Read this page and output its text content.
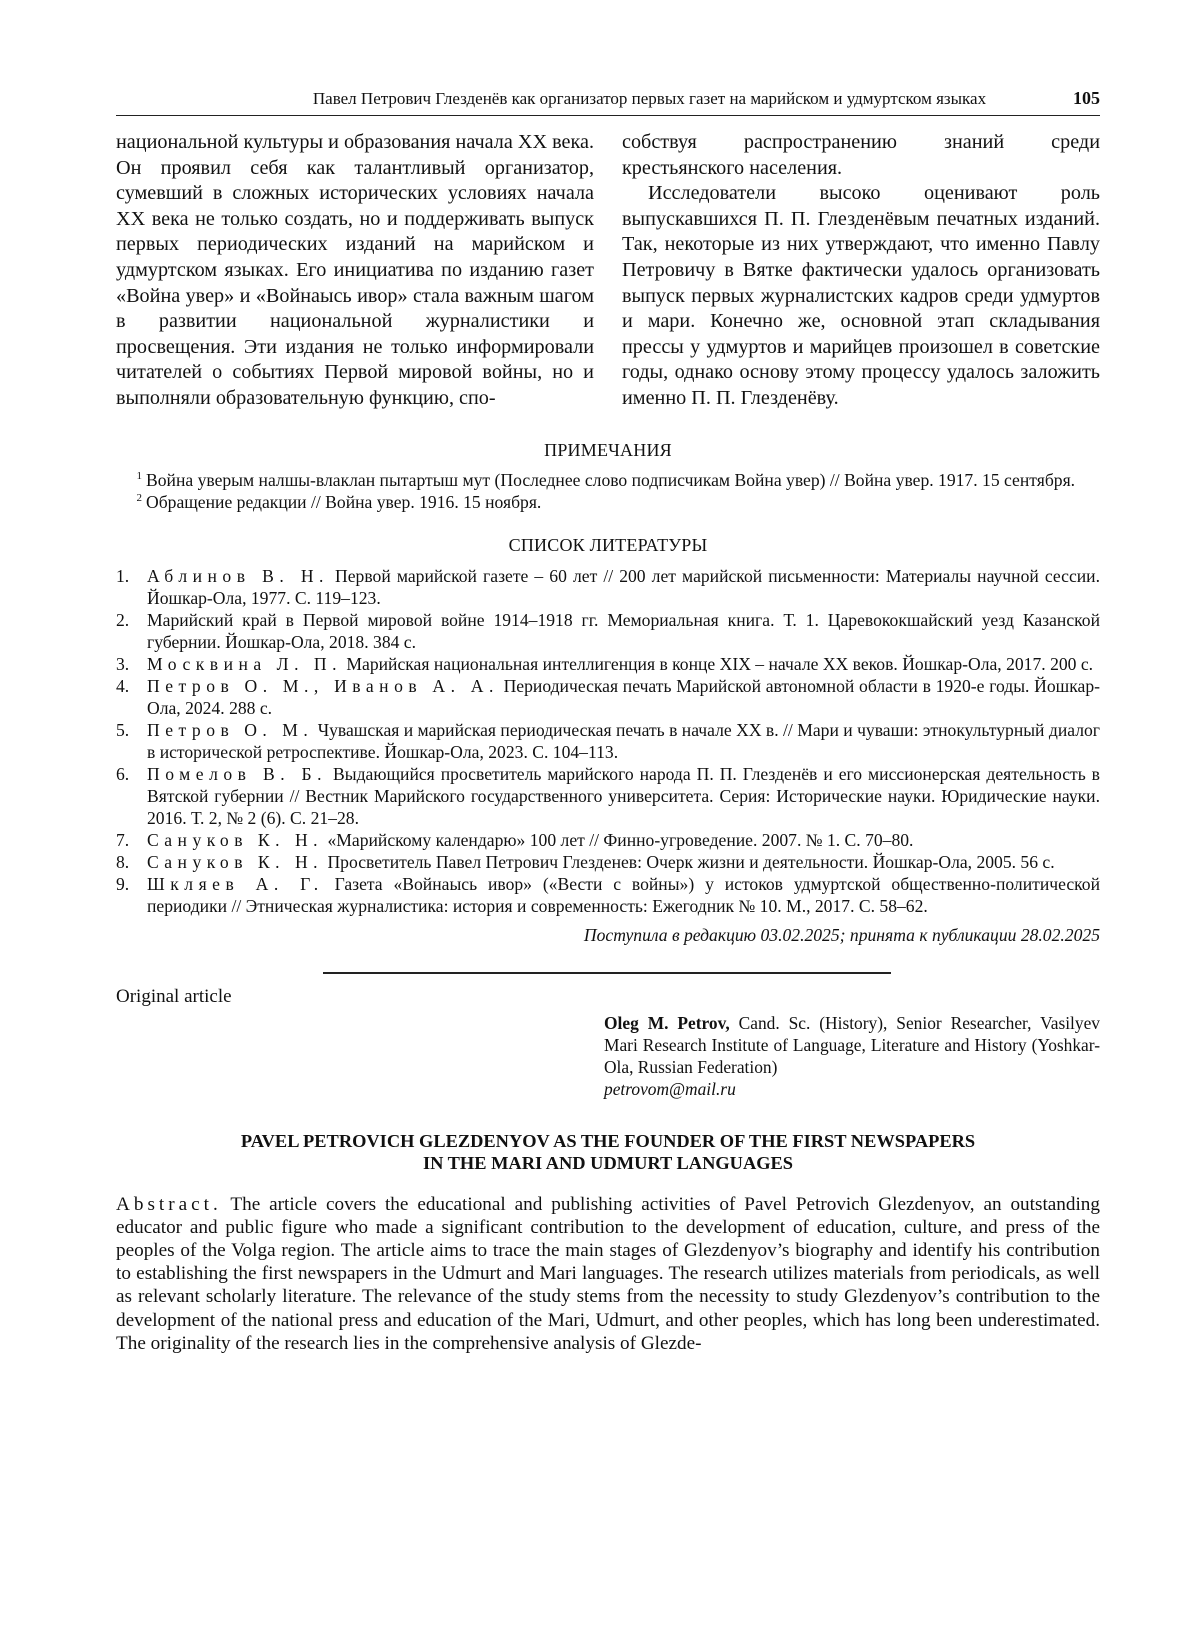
Павел Петрович Глезденёв как организатор первых газет на марийском и удмуртском языках	105

национальной культуры и образования начала XX века. Он проявил себя как талантливый организатор, сумевший в сложных исторических условиях начала XX века не только создать, но и поддерживать выпуск первых периодических изданий на марийском и удмуртском языках. Его инициатива по изданию газет «Война увер» и «Войнаысь ивор» стала важным шагом в развитии национальной журналистики и просвещения. Эти издания не только информировали читателей о событиях Первой мировой войны, но и выполняли образовательную функцию, спо-

собствуя распространению знаний среди крестьянского населения.

Исследователи высоко оценивают роль выпускавшихся П. П. Глезденёвым печатных изданий. Так, некоторые из них утверждают, что именно Павлу Петровичу в Вятке фактически удалось организовать выпуск первых журналистских кадров среди удмуртов и мари. Конечно же, основной этап складывания прессы у удмуртов и марийцев произошел в советские годы, однако основу этому процессу удалось заложить именно П. П. Глезденёву.

ПРИМЕЧАНИЯ
1 Война уверым налшы-влаклан пытартыш мут (Последнее слово подписчикам Война увер) // Война увер. 1917. 15 сентября.
2 Обращение редакции // Война увер. 1916. 15 ноября.
СПИСОК ЛИТЕРАТУРЫ
1.	Аблинов В. Н. Первой марийской газете – 60 лет // 200 лет марийской письменности: Материалы научной сессии. Йошкар-Ола, 1977. С. 119–123.
2.	Марийский край в Первой мировой войне 1914–1918 гг. Мемориальная книга. Т. 1. Царевококшайский уезд Казанской губернии. Йошкар-Ола, 2018. 384 с.
3.	Москвина Л. П. Марийская национальная интеллигенция в конце XIX – начале XX веков. Йошкар-Ола, 2017. 200 с.
4.	Петров О. М., Иванов А. А. Периодическая печать Марийской автономной области в 1920-е годы. Йошкар-Ола, 2024. 288 с.
5.	Петров О. М. Чувашская и марийская периодическая печать в начале XX в. // Мари и чуваши: этнокультурный диалог в исторической ретроспективе. Йошкар-Ола, 2023. С. 104–113.
6.	Помелов В. Б. Выдающийся просветитель марийского народа П. П. Глезденёв и его миссионерская деятельность в Вятской губернии // Вестник Марийского государственного университета. Серия: Исторические науки. Юридические науки. 2016. Т. 2, № 2 (6). С. 21–28.
7.	Сануков К. Н. «Марийскому календарю» 100 лет // Финно-угроведение. 2007. № 1. С. 70–80.
8.	Сануков К. Н. Просветитель Павел Петрович Глезденев: Очерк жизни и деятельности. Йошкар-Ола, 2005. 56 с.
9.	Шкляев А. Г. Газета «Войнаысь ивор» («Вести с войны») у истоков удмуртской общественно-политической периодики // Этническая журналистика: история и современность: Ежегодник № 10. М., 2017. С. 58–62.
Поступила в редакцию 03.02.2025; принята к публикации 28.02.2025
Original article
Oleg M. Petrov, Cand. Sc. (History), Senior Researcher, Vasilyev Mari Research Institute of Language, Literature and History (Yoshkar-Ola, Russian Federation)
petrovom@mail.ru
PAVEL PETROVICH GLEZDENYOV AS THE FOUNDER OF THE FIRST NEWSPAPERS
IN THE MARI AND UDMURT LANGUAGES
Abstract. The article covers the educational and publishing activities of Pavel Petrovich Glezdenyov, an outstanding educator and public figure who made a significant contribution to the development of education, culture, and press of the peoples of the Volga region. The article aims to trace the main stages of Glezdenyov’s biography and identify his contribution to establishing the first newspapers in the Udmurt and Mari languages. The research utilizes materials from periodicals, as well as relevant scholarly literature. The relevance of the study stems from the necessity to study Glezdenyov’s contribution to the development of the national press and education of the Mari, Udmurt, and other peoples, which has long been underestimated. The originality of the research lies in the comprehensive analysis of Glezde-
